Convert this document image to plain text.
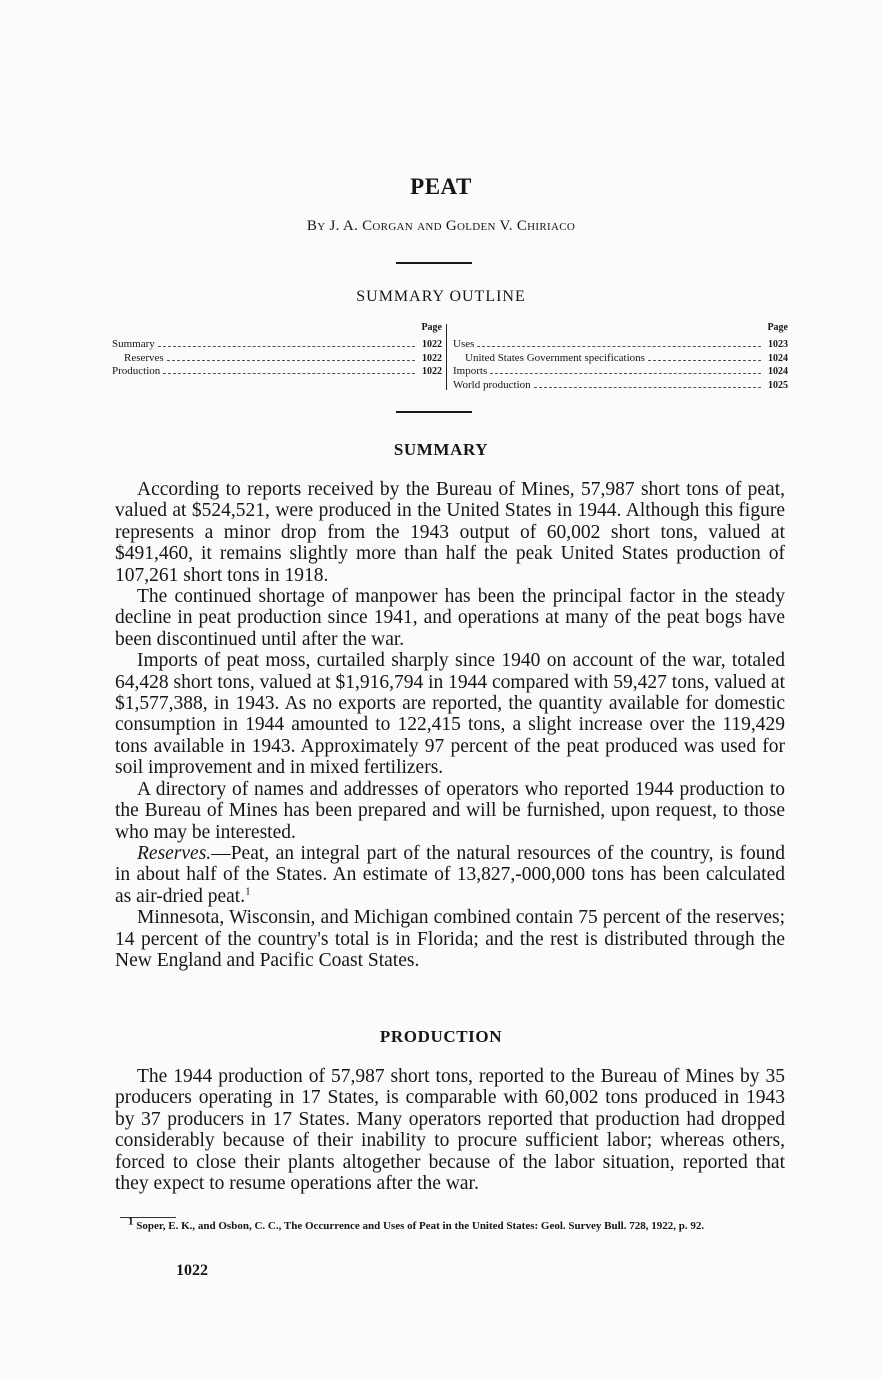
PEAT
By J. A. Corgan and Golden V. Chiriaco
SUMMARY OUTLINE
Page
Summary	1022
Reserves	1022
Production	1022
Page
Uses	1023
United States Government specifications	1024
Imports	1024
World production	1025
SUMMARY

According to reports received by the Bureau of Mines, 57,987 short tons of peat, valued at $524,521, were produced in the United States in 1944. Although this figure represents a minor drop from the 1943 output of 60,002 short tons, valued at $491,460, it remains slightly more than half the peak United States production of 107,261 short tons in 1918.

The continued shortage of manpower has been the principal factor in the steady decline in peat production since 1941, and operations at many of the peat bogs have been discontinued until after the war.

Imports of peat moss, curtailed sharply since 1940 on account of the war, totaled 64,428 short tons, valued at $1,916,794 in 1944 compared with 59,427 tons, valued at $1,577,388, in 1943. As no exports are reported, the quantity available for domestic consumption in 1944 amounted to 122,415 tons, a slight increase over the 119,429 tons available in 1943. Approximately 97 percent of the peat produced was used for soil improvement and in mixed fertilizers.

A directory of names and addresses of operators who reported 1944 production to the Bureau of Mines has been prepared and will be furnished, upon request, to those who may be interested.

Reserves.—Peat, an integral part of the natural resources of the country, is found in about half of the States. An estimate of 13,827,-000,000 tons has been calculated as air-dried peat.$^1$

Minnesota, Wisconsin, and Michigan combined contain 75 percent of the reserves; 14 percent of the country's total is in Florida; and the rest is distributed through the New England and Pacific Coast States.

PRODUCTION

The 1944 production of 57,987 short tons, reported to the Bureau of Mines by 35 producers operating in 17 States, is comparable with 60,002 tons produced in 1943 by 37 producers in 17 States. Many operators reported that production had dropped considerably because of their inability to procure sufficient labor; whereas others, forced to close their plants altogether because of the labor situation, reported that they expect to resume operations after the war.

$^1$ Soper, E. K., and Osbon, C. C., The Occurrence and Uses of Peat in the United States: Geol. Survey Bull. 728, 1922, p. 92.

1022
